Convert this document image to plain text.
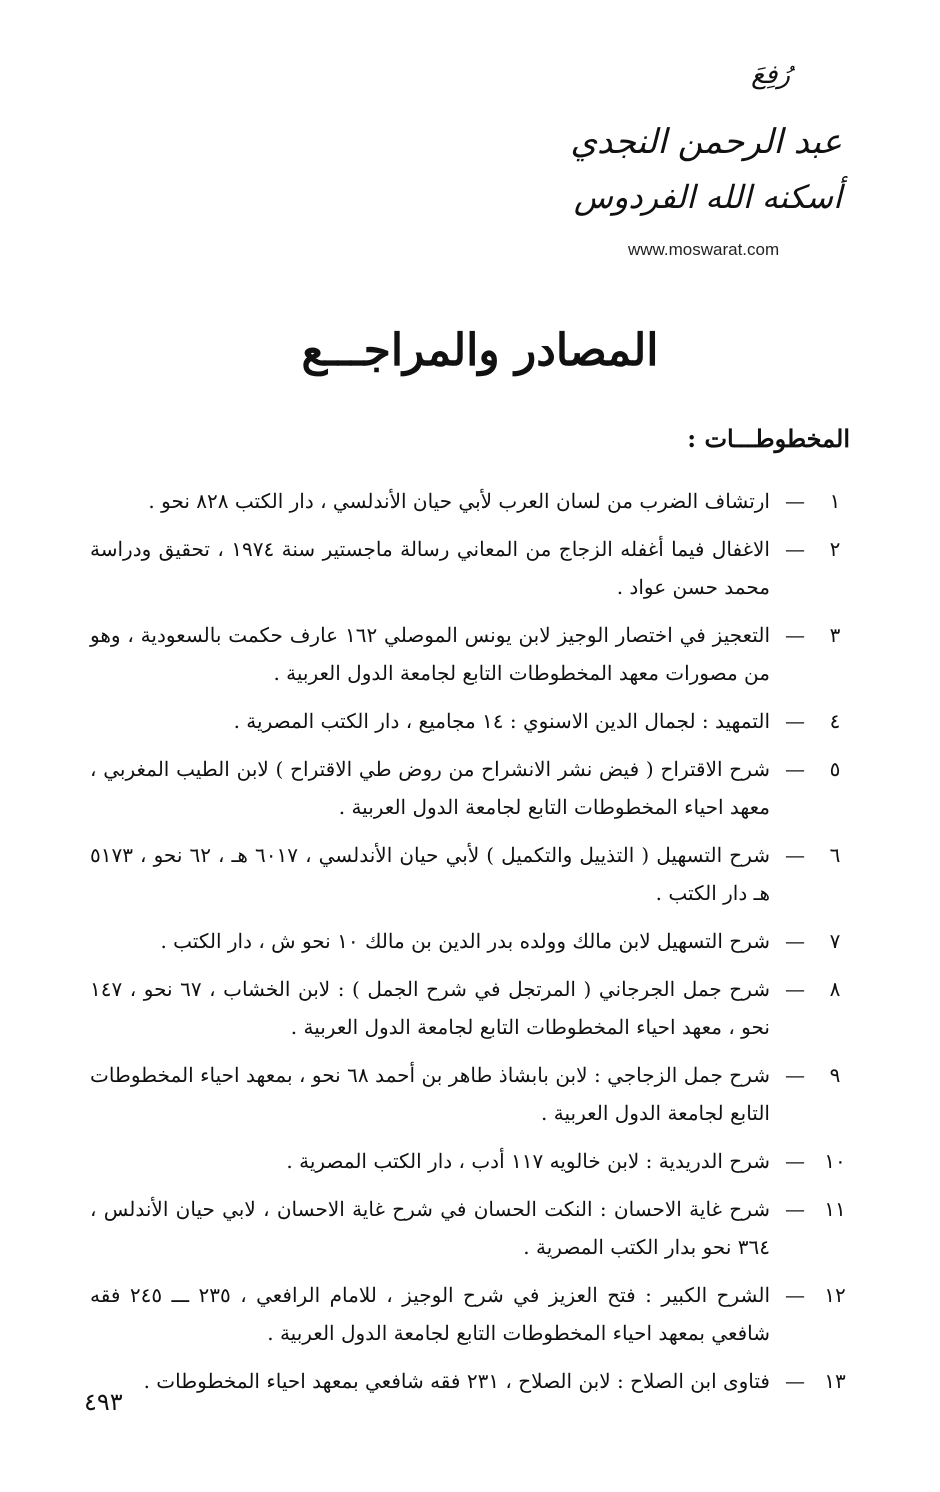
رُفِعَ
عبد الرحمن النجدي
أسكنه الله الفردوس
www.moswarat.com
المصادر والمراجـــع
المخطوطـــات :
١
—
ارتشاف الضرب من لسان العرب لأبي حيان الأندلسي ، دار الكتب ٨٢٨ نحو .
٢
—
الاغفال فيما أغفله الزجاج من المعاني رسالة ماجستير سنة ١٩٧٤ ، تحقيق ودراسة محمد حسن عواد .
٣
—
التعجيز في اختصار الوجيز لابن يونس الموصلي ١٦٢ عارف حكمت بالسعودية ، وهو من مصورات معهد المخطوطات التابع لجامعة الدول العربية .
٤
—
التمهيد : لجمال الدين الاسنوي : ١٤ مجاميع ، دار الكتب المصرية .
٥
—
شرح الاقتراح ( فيض نشر الانشراح من روض طي الاقتراح ) لابن الطيب المغربي ، معهد احياء المخطوطات التابع لجامعة الدول العربية .
٦
—
شرح التسهيل ( التذييل والتكميل ) لأبي حيان الأندلسي ، ٦٠١٧ هـ ، ٦٢ نحو ، ٥١٧٣ هـ دار الكتب .
٧
—
شرح التسهيل لابن مالك وولده بدر الدين بن مالك ١٠ نحو ش ، دار الكتب .
٨
—
شرح جمل الجرجاني ( المرتجل في شرح الجمل ) : لابن الخشاب ، ٦٧ نحو ، ١٤٧ نحو ، معهد احياء المخطوطات التابع لجامعة الدول العربية .
٩
—
شرح جمل الزجاجي : لابن بابشاذ طاهر بن أحمد ٦٨ نحو ، بمعهد احياء المخطوطات التابع لجامعة الدول العربية .
١٠
—
شرح الدريدية : لابن خالويه ١١٧ أدب ، دار الكتب المصرية .
١١
—
شرح غاية الاحسان : النكت الحسان في شرح غاية الاحسان ، لابي حيان الأندلس ، ٣٦٤ نحو بدار الكتب المصرية .
١٢
—
الشرح الكبير : فتح العزيز في شرح الوجيز ، للامام الرافعي ، ٢٣٥ ـــ ٢٤٥ فقه شافعي بمعهد احياء المخطوطات التابع لجامعة الدول العربية .
١٣
—
فتاوى ابن الصلاح : لابن الصلاح ، ٢٣١ فقه شافعي بمعهد احياء المخطوطات .
٤٩٣
